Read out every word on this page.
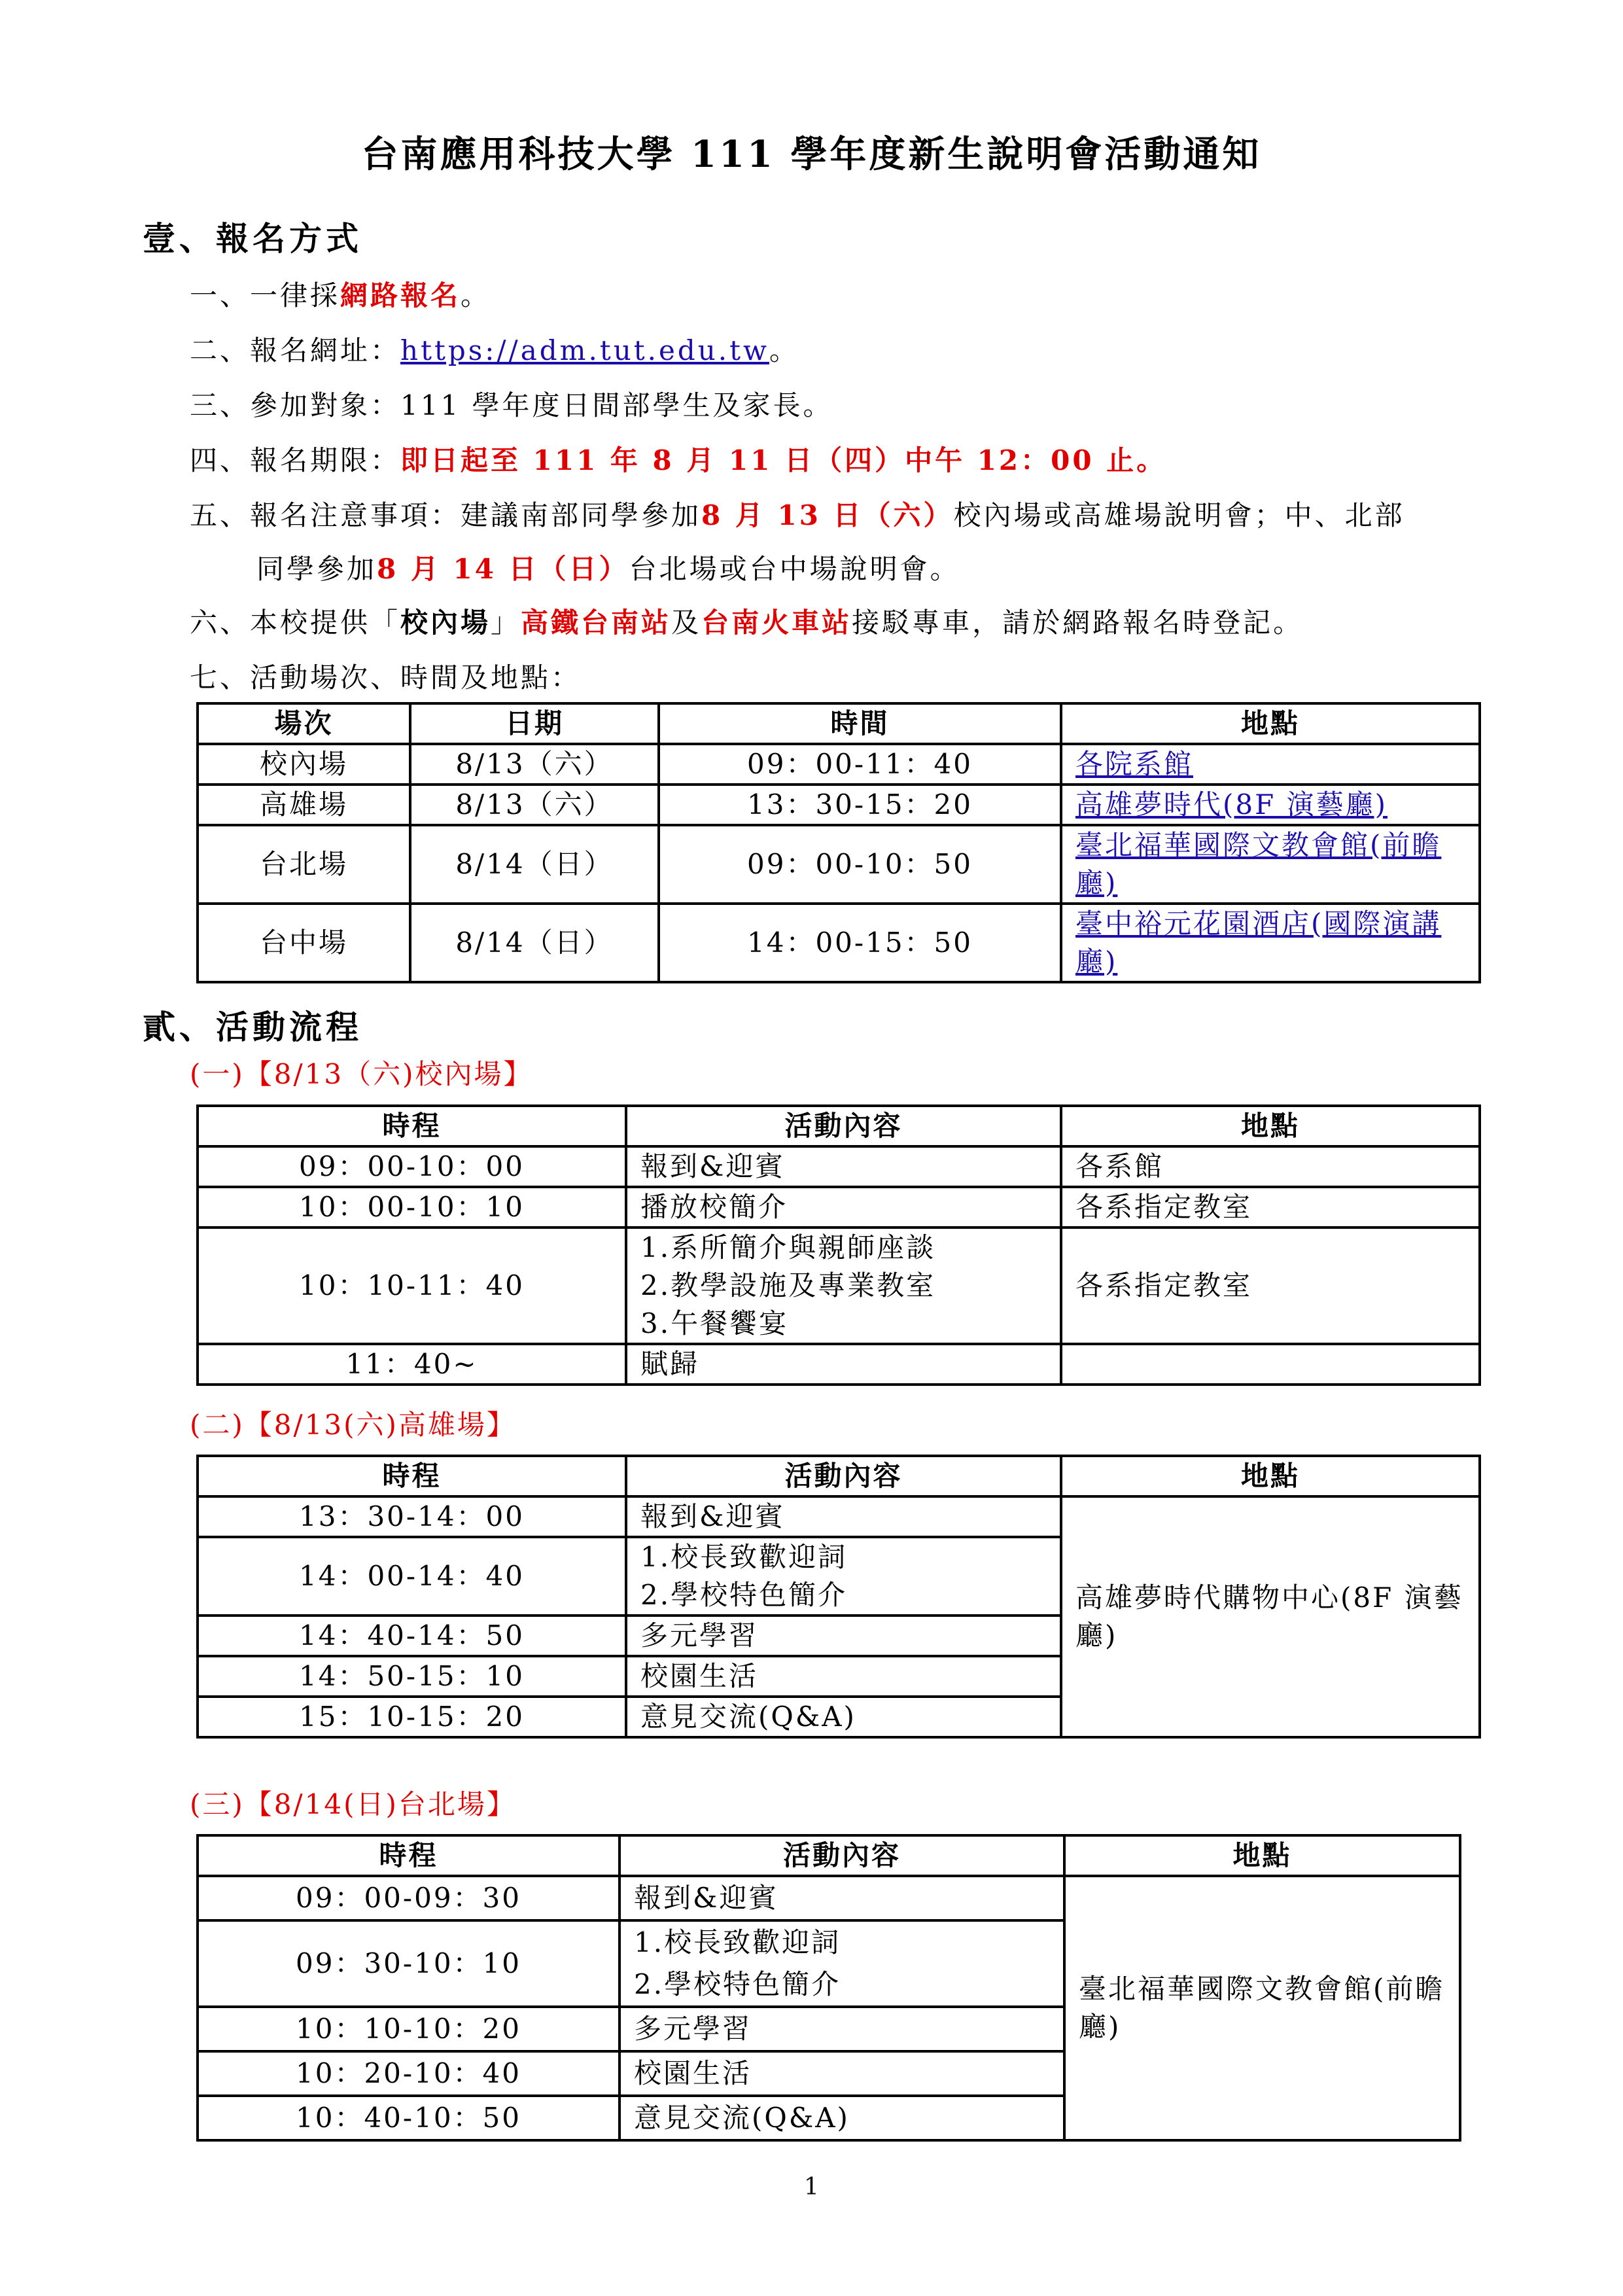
台南應用科技大學 111 學年度新生說明會活動通知
壹、報名方式
一、一律採網路報名。
二、報名網址：https://adm.tut.edu.tw。
三、參加對象：111 學年度日間部學生及家長。
四、報名期限：即日起至 111 年 8 月 11 日（四）中午 12：00 止。
五、報名注意事項：建議南部同學參加8 月 13 日（六）校內場或高雄場說明會；中、北部
同學參加8 月 14 日（日）台北場或台中場說明會。
六、本校提供「校內場」高鐵台南站及台南火車站接駁專車，請於網路報名時登記。
七、活動場次、時間及地點：
場次	日期	時間	地點
校內場	8/13（六）	09：00-11：40	各院系館
高雄場	8/13（六）	13：30-15：20	高雄夢時代(8F 演藝廳)
台北場	8/14（日）	09：00-10：50	臺北福華國際文教會館(前瞻廳)
台中場	8/14（日）	14：00-15：50	臺中裕元花園酒店(國際演講廳)
貳、活動流程
(一)【8/13（六)校內場】
時程	活動內容	地點
09：00-10：00	報到&迎賓	各系館
10：00-10：10	播放校簡介	各系指定教室
10：10-11：40	1.系所簡介與親師座談
2.教學設施及專業教室
3.午餐饗宴	各系指定教室
11：40~	賦歸	
(二)【8/13(六)高雄場】
時程	活動內容	地點
13：30-14：00	報到&迎賓	高雄夢時代購物中心(8F 演藝廳)
14：00-14：40	1.校長致歡迎詞
2.學校特色簡介	

14：40-14：50	多元學習	
14：50-15：10	校園生活	
15：10-15：20	意見交流(Q&A)	
(三)【8/14(日)台北場】
時程	活動內容	地點
09：00-09：30	報到&迎賓	臺北福華國際文教會館(前瞻廳)
09：30-10：10	1.校長致歡迎詞
2.學校特色簡介	

10：10-10：20	多元學習	
10：20-10：40	校園生活	
10：40-10：50	意見交流(Q&A)	
1
